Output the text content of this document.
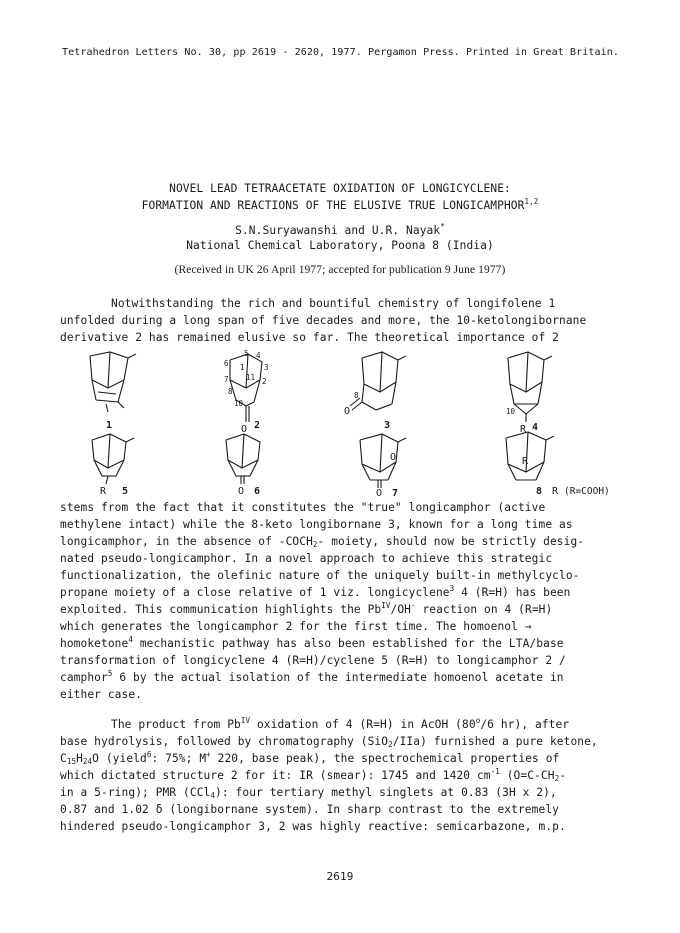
Tetrahedron Letters No. 30, pp 2619 - 2620, 1977. Pergamon Press. Printed in Great Britain.
NOVEL LEAD TETRAACETATE OXIDATION OF LONGICYCLENE:
FORMATION AND REACTIONS OF THE ELUSIVE TRUE LONGICAMPHOR$^{1,2}$
S.N.Suryawanshi and U.R. Nayak*
National Chemical Laboratory, Poona 8 (India)
(Received in UK 26 April 1977; accepted for publication 9 June 1977)
Notwithstanding the rich and bountiful chemistry of longifolene 1
unfolded during a long span of five decades and more, the 10-ketolongibornane
derivative 2 has remained elusive so far. The theoretical importance of 2
1	2	3	4
5	6	7	8
O
O
R
R	O
O
O
R
R (R=COOH)
6
5 4
1	3
7 11 2
8
10
8
10
stems from the fact that it constitutes the "true" longicamphor (active
methylene intact) while the 8-keto longibornane 3, known for a long time as
longicamphor, in the absence of $-COCH_2-$ moiety, should now be strictly desig-
nated pseudo-longicamphor. In a novel approach to achieve this strategic
functionalization, the olefinic nature of the uniquely built-in methylcyclo-
propane moiety of a close relative of 1 viz. longicyclene$^3$ 4 (R=H) has been
exploited. This communication highlights the $Pb^{IV}/OH^-$ reaction on 4 (R=H)
which generates the longicamphor 2 for the first time. The homoenol →
homoketone$^4$ mechanistic pathway has also been established for the LTA/base
transformation of longicyclene 4 (R=H)/cyclene 5 (R=H) to longicamphor 2 /
camphor$^5$ 6 by the actual isolation of the intermediate homoenol acetate in
either case.
The product from $Pb^{IV}$ oxidation of 4 (R=H) in AcOH (80$^o$/6 hr), after
base hydrolysis, followed by chromatography (SiO$_2$/IIa) furnished a pure ketone,
$C_{15}H_{24}O$ (yield$^6$: 75%; M+ 220, base peak), the spectrochemical properties of
which dictated structure 2 for it: IR (smear): 1745 and 1420 $cm^{-1}$ ($O=C-CH_2-$
in a 5-ring); PMR (CCl$_4$): four tertiary methyl singlets at 0.83 (3H x 2),
0.87 and 1.02 δ (longibornane system). In sharp contrast to the extremely
hindered pseudo-longicamphor 3, 2 was highly reactive: semicarbazone, m.p.
2619
